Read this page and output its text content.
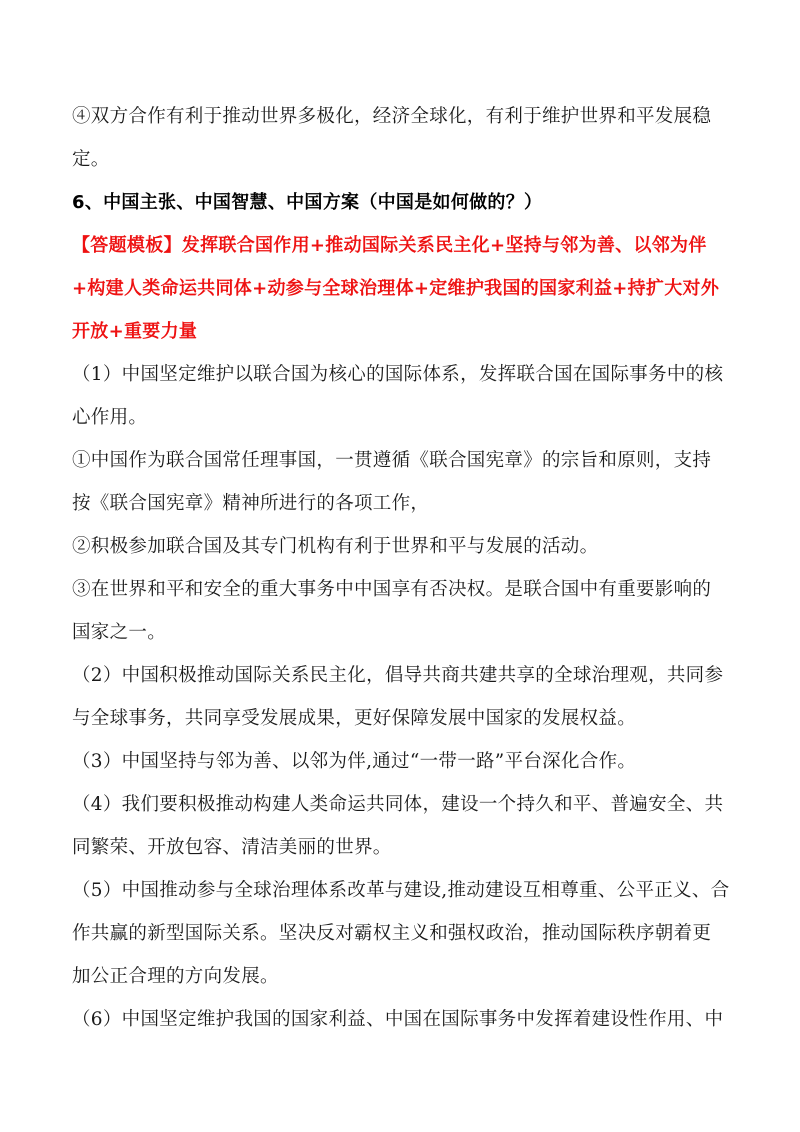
④双方合作有利于推动世界多极化，经济全球化，有利于维护世界和平发展稳
定。
6、中国主张、中国智慧、中国方案（中国是如何做的？）
【答题模板】发挥联合国作用+推动国际关系民主化+坚持与邻为善、以邻为伴
+构建人类命运共同体+动参与全球治理体+定维护我国的国家利益+持扩大对外
开放+重要力量
（1）中国坚定维护以联合国为核心的国际体系，发挥联合国在国际事务中的核
心作用。
①中国作为联合国常任理事国，一贯遵循《联合国宪章》的宗旨和原则，支持
按《联合国宪章》精神所进行的各项工作，
②积极参加联合国及其专门机构有利于世界和平与发展的活动。
③在世界和平和安全的重大事务中中国享有否决权。是联合国中有重要影响的
国家之一。
（2）中国积极推动国际关系民主化，倡导共商共建共享的全球治理观，共同参
与全球事务，共同享受发展成果，更好保障发展中国家的发展权益。
（3）中国坚持与邻为善、以邻为伴,通过“一带一路”平台深化合作。
（4）我们要积极推动构建人类命运共同体，建设一个持久和平、普遍安全、共
同繁荣、开放包容、清洁美丽的世界。
（5）中国推动参与全球治理体系改革与建设,推动建设互相尊重、公平正义、合
作共赢的新型国际关系。坚决反对霸权主义和强权政治，推动国际秩序朝着更
加公正合理的方向发展。
（6）中国坚定维护我国的国家利益、中国在国际事务中发挥着建设性作用、中
